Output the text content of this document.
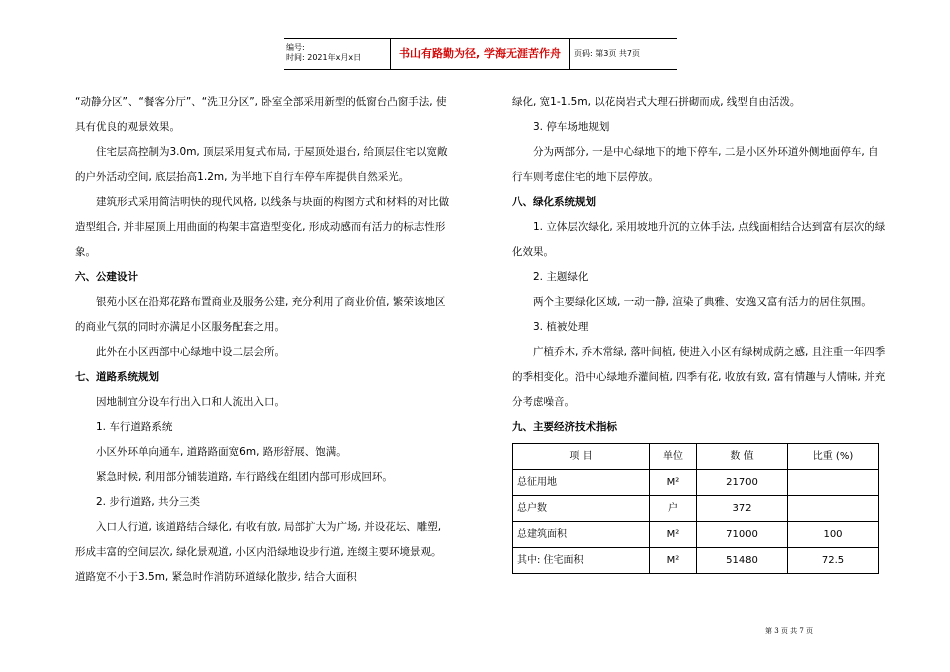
编号:
时间: 2021年x月x日	书山有路勤为径, 学海无涯苦作舟	页码: 第3页 共7页

“动静分区”、“餐客分厅”、“洗卫分区”, 卧室全部采用新型的低窗台凸窗手法, 使具有优良的观景效果。

住宅层高控制为3.0m, 顶层采用复式布局, 于屋顶处退台, 给顶层住宅以宽敞的户外活动空间, 底层抬高1.2m, 为半地下自行车停车库提供自然采光。

建筑形式采用简洁明快的现代风格, 以线条与块面的构图方式和材料的对比做造型组合, 并非屋顶上用曲面的构架丰富造型变化, 形成动感而有活力的标志性形象。

六、公建设计

银苑小区在沿郑花路布置商业及服务公建, 充分利用了商业价值, 繁荣该地区的商业气氛的同时亦满足小区服务配套之用。

此外在小区西部中心绿地中设二层会所。

七、道路系统规划

因地制宜分设车行出入口和人流出入口。

1. 车行道路系统

小区外环单向通车, 道路路面宽6m, 路形舒展、饱满。

紧急时候, 利用部分铺装道路, 车行路线在组团内部可形成回环。

2. 步行道路, 共分三类

入口人行道, 该道路结合绿化, 有收有放, 局部扩大为广场, 并设花坛、雕塑, 形成丰富的空间层次, 绿化景观道, 小区内沿绿地设步行道, 连缀主要环境景观。道路宽不小于3.5m, 紧急时作消防环道绿化散步, 结合大面积

绿化, 宽1-1.5m, 以花岗岩式大理石拼砌而成, 线型自由活泼。

3. 停车场地规划

分为两部分, 一是中心绿地下的地下停车, 二是小区外环道外侧地面停车, 自行车则考虑住宅的地下层停放。

八、绿化系统规划

1. 立体层次绿化, 采用坡地升沉的立体手法, 点线面相结合达到富有层次的绿化效果。

2. 主题绿化

两个主要绿化区域, 一动一静, 渲染了典雅、安逸又富有活力的居住氛围。

3. 植被处理

广植乔木, 乔木常绿, 落叶间植, 使进入小区有绿树成荫之感, 且注重一年四季的季相变化。沿中心绿地乔灌间植, 四季有花, 收放有致, 富有情趣与人情味, 并充分考虑噪音。

九、主要经济技术指标

项 目	单位	数 值	比重 (%)
总征用地	M²	21700	
总户数	户	372	
总建筑面积	M²	71000	100
其中: 住宅面积	M²	51480	72.5
第 3 页 共 7 页
